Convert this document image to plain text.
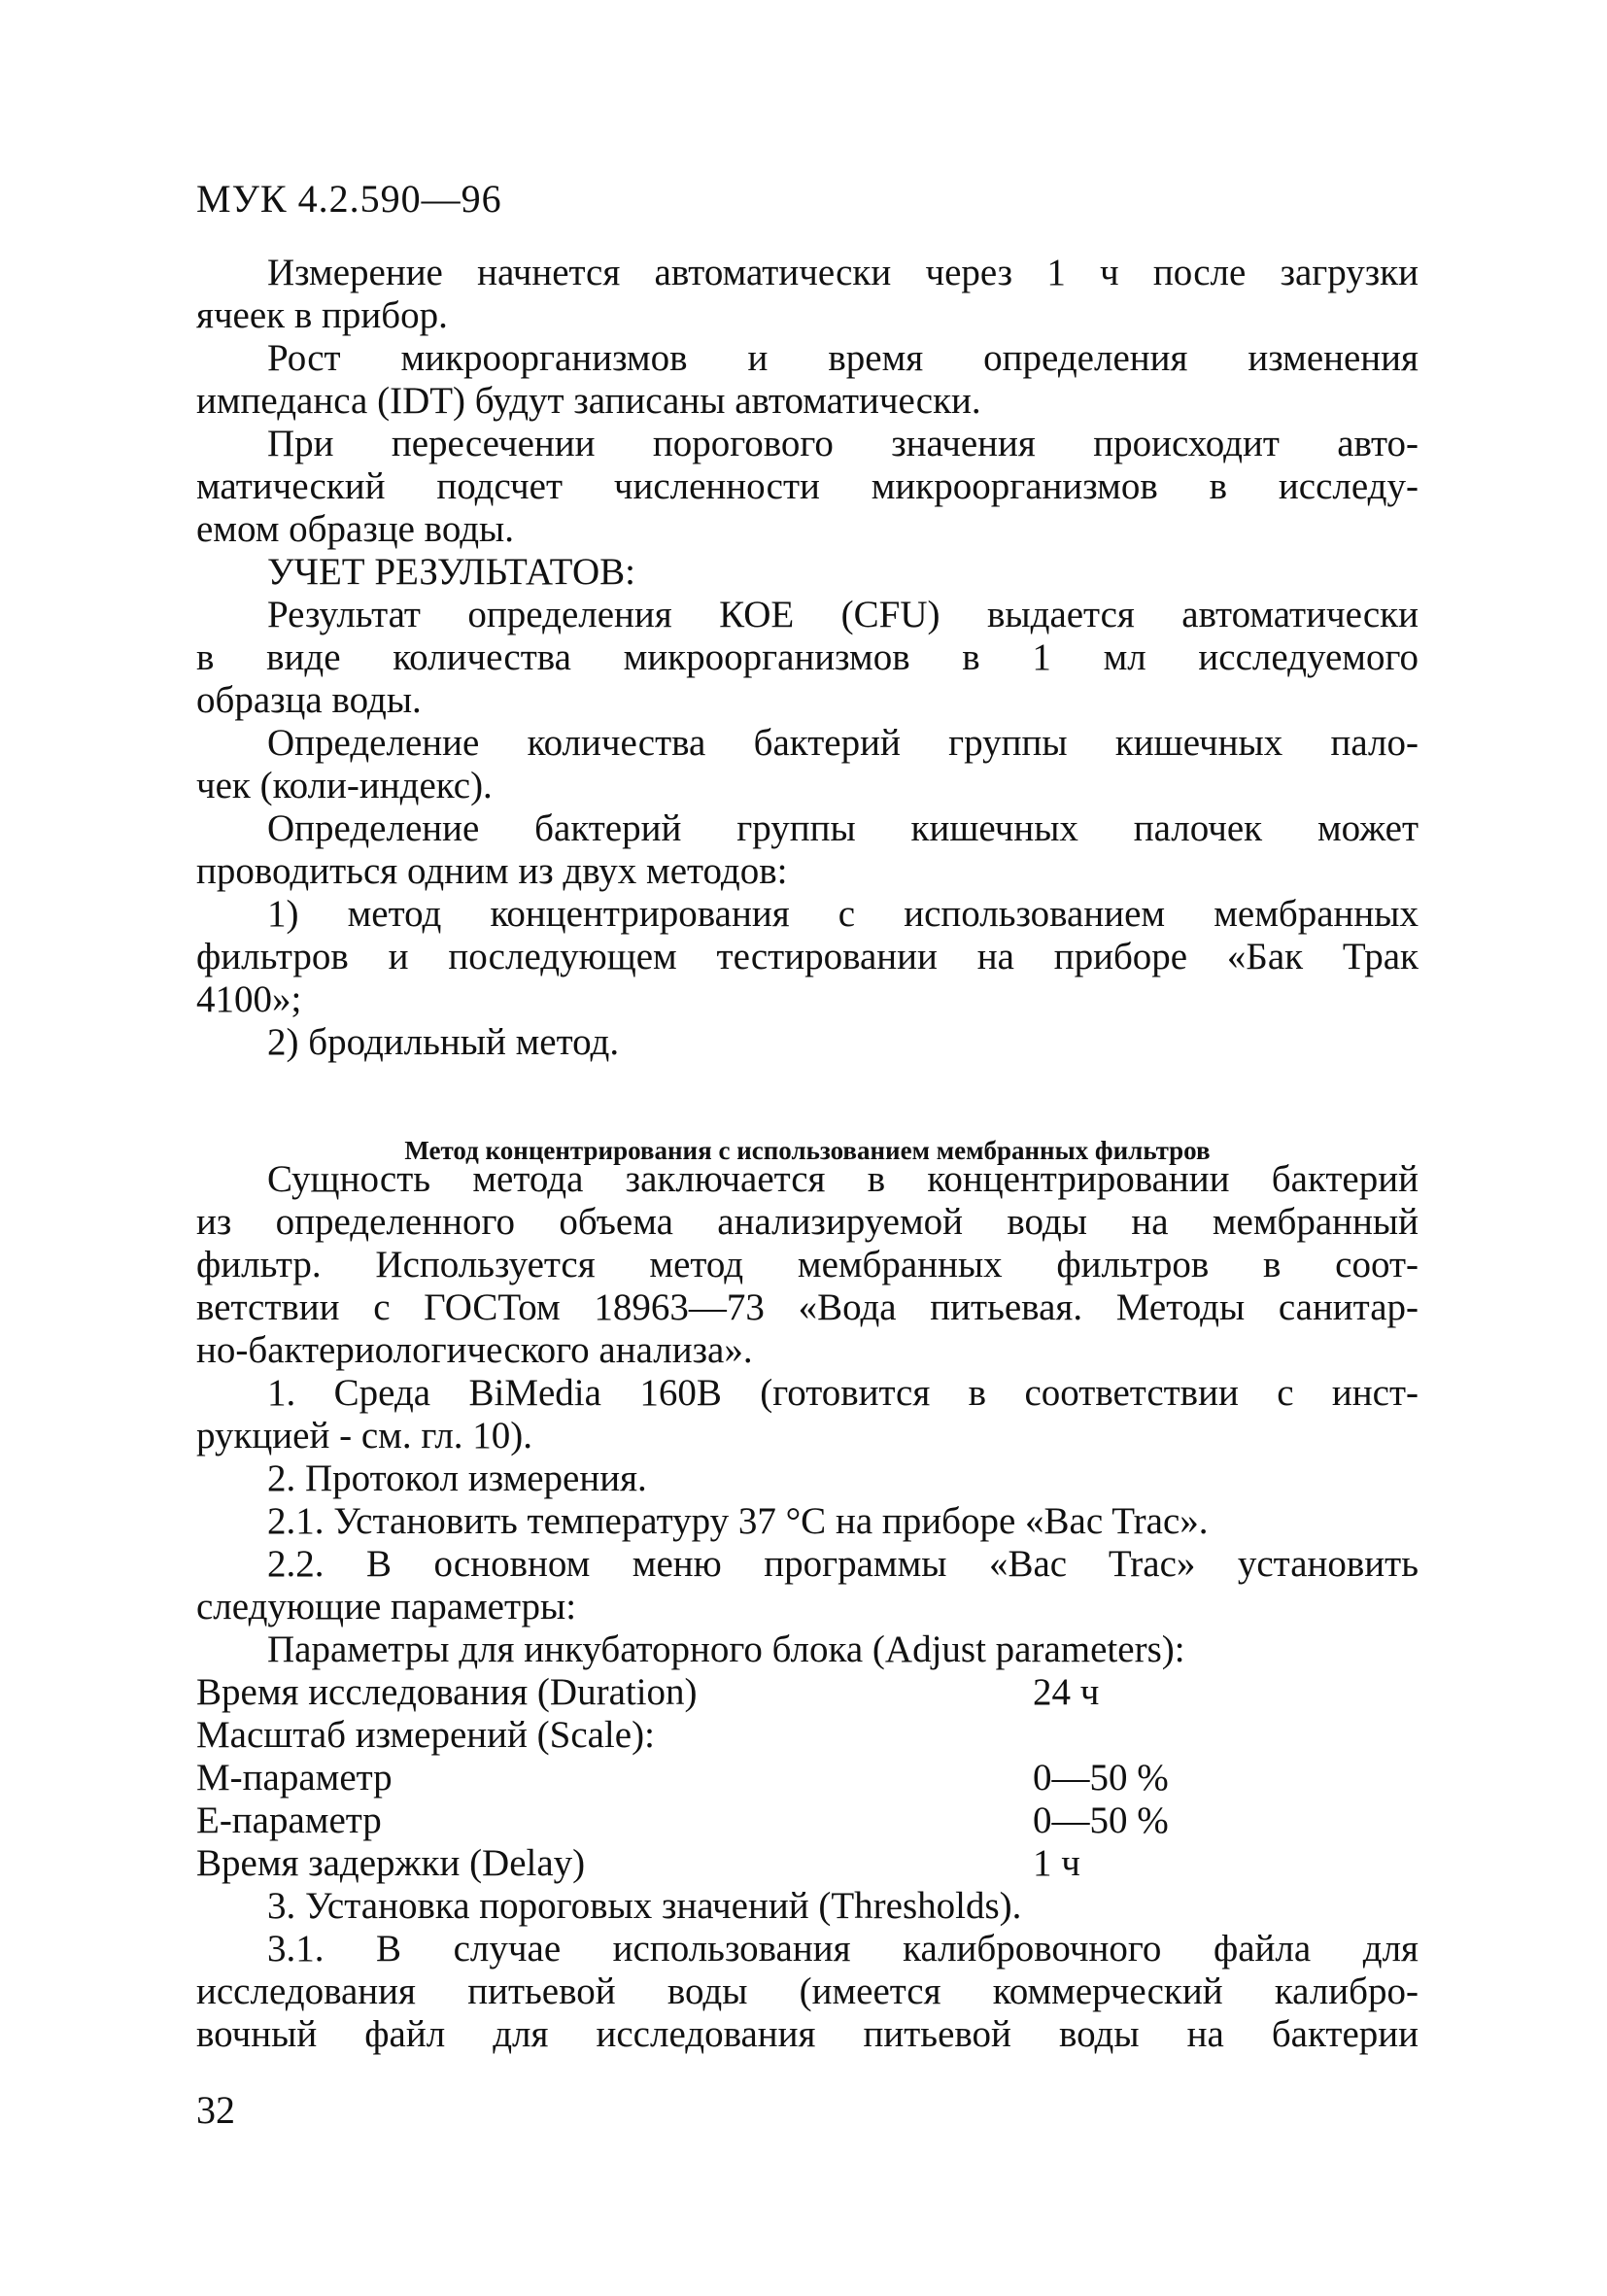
МУК 4.2.590—96

Измерение начнется автоматически через 1 ч после загрузки

ячеек в прибор.

Рост микроорганизмов и время определения изменения

импеданса (IDT) будут записаны автоматически.

При пересечении порогового значения происходит авто-

матический подсчет численности микроорганизмов в исследу-

емом образце воды.

УЧЕТ РЕЗУЛЬТАТОВ:

Результат определения КОЕ (CFU) выдается автоматически

в виде количества микроорганизмов в 1 мл исследуемого

образца воды.

Определение количества бактерий группы кишечных пало-

чек (коли-индекс).

Определение бактерий группы кишечных палочек может

проводиться одним из двух методов:

1) метод концентрирования с использованием мембранных

фильтров и последующем тестировании на приборе «Бак Трак

4100»;

2) бродильный метод.

Метод концентрирования с использованием мембранных фильтров

Сущность метода заключается в концентрировании бактерий

из определенного объема анализируемой воды на мембранный

фильтр. Используется метод мембранных фильтров в соот-

ветствии с ГОСТом 18963—73 «Вода питьевая. Методы санитар-

но-бактериологического анализа».

1. Среда BiMedia 160B (готовится в соответствии с инст-

рукцией - см. гл. 10).

2. Протокол измерения.

2.1. Установить температуру 37 °С на приборе «Bac Trac».

2.2. В основном меню программы «Bac Trac» установить

следующие параметры:

Параметры для инкубаторного блока (Adjust parameters):

Время исследования (Duration)	24 ч

Масштаб измерений (Scale):

М-параметр	0—50 %

Е-параметр	0—50 %

Время задержки (Delay)	1 ч

3. Установка пороговых значений (Thresholds).

3.1. В случае использования калибровочного файла для

исследования питьевой воды (имеется коммерческий калибро-

вочный файл для исследования питьевой воды на бактерии

32
